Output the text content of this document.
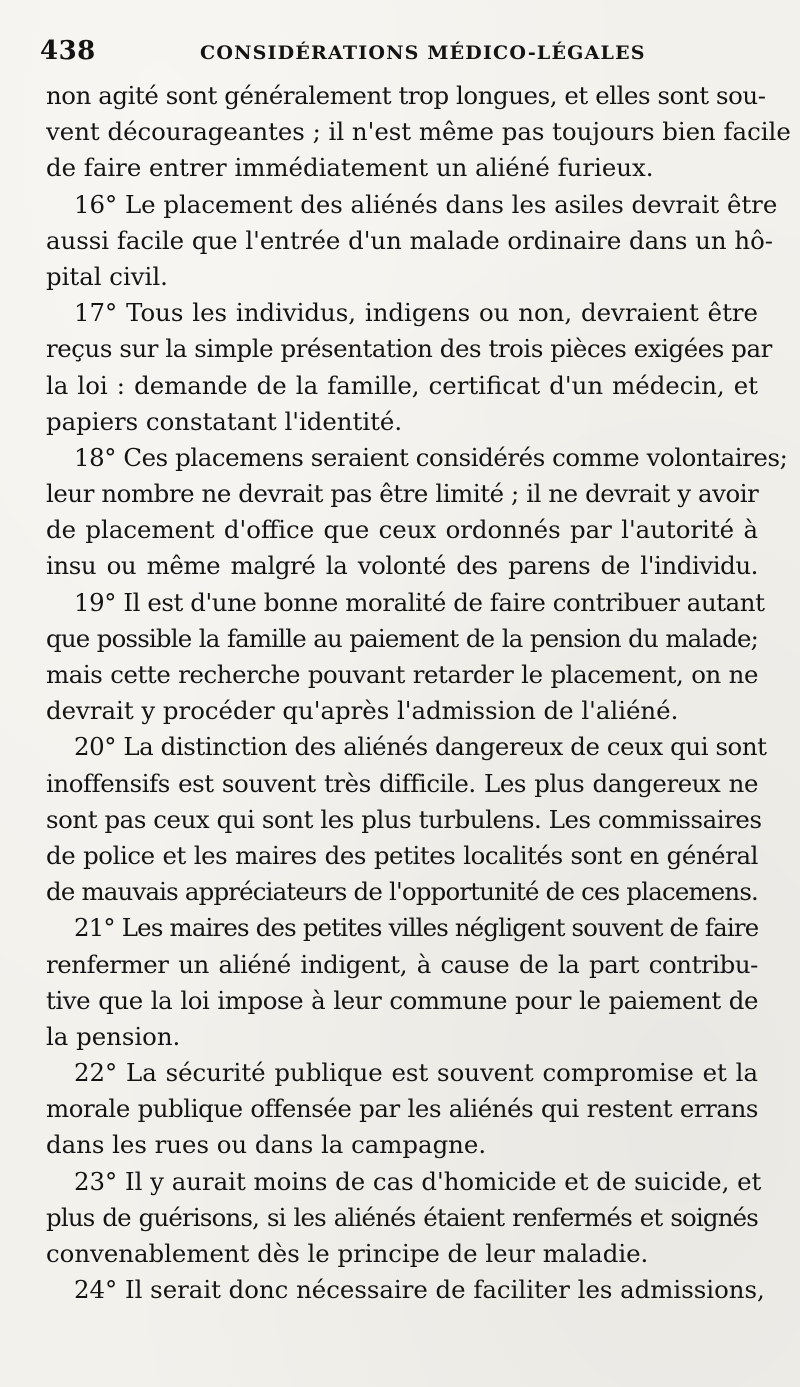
438	CONSIDÉRATIONS MÉDICO-LÉGALES
non agité sont généralement trop longues, et elles sont sou-
vent décourageantes ; il n'est même pas toujours bien facile
de faire entrer immédiatement un aliéné furieux.
16° Le placement des aliénés dans les asiles devrait être
aussi facile que l'entrée d'un malade ordinaire dans un hô-
pital civil.
17° Tous les individus, indigens ou non, devraient être
reçus sur la simple présentation des trois pièces exigées par
la loi : demande de la famille, certificat d'un médecin, et
papiers constatant l'identité.
18° Ces placemens seraient considérés comme volontaires;
leur nombre ne devrait pas être limité ; il ne devrait y avoir
de placement d'office que ceux ordonnés par l'autorité à
insu ou même malgré la volonté des parens de l'individu.
19° Il est d'une bonne moralité de faire contribuer autant
que possible la famille au paiement de la pension du malade;
mais cette recherche pouvant retarder le placement, on ne
devrait y procéder qu'après l'admission de l'aliéné.
20° La distinction des aliénés dangereux de ceux qui sont
inoffensifs est souvent très difficile. Les plus dangereux ne
sont pas ceux qui sont les plus turbulens. Les commissaires
de police et les maires des petites localités sont en général
de mauvais appréciateurs de l'opportunité de ces placemens.
21° Les maires des petites villes négligent souvent de faire
renfermer un aliéné indigent, à cause de la part contribu-
tive que la loi impose à leur commune pour le paiement de
la pension.
22° La sécurité publique est souvent compromise et la
morale publique offensée par les aliénés qui restent errans
dans les rues ou dans la campagne.
23° Il y aurait moins de cas d'homicide et de suicide, et
plus de guérisons, si les aliénés étaient renfermés et soignés
convenablement dès le principe de leur maladie.
24° Il serait donc nécessaire de faciliter les admissions,
